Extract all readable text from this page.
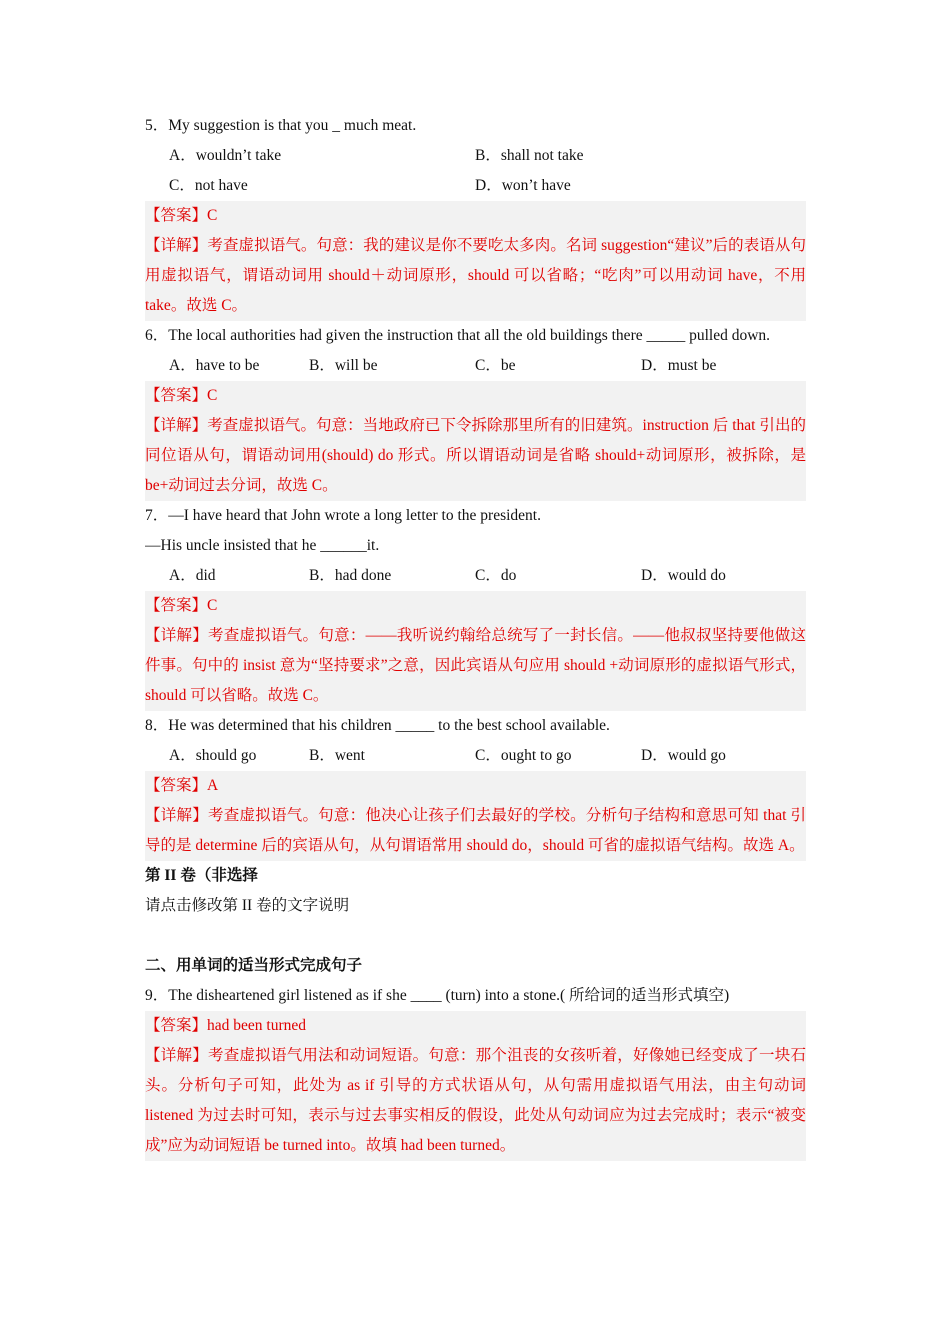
5．My suggestion is that you _ much meat.
A．wouldn’t take	B．shall not take
C．not have	D．won’t have
【答案】C
【详解】考查虚拟语气。句意：我的建议是你不要吃太多肉。名词 suggestion“建议”后的表语从句用虚拟语气，谓语动词用 should＋动词原形，should 可以省略；“吃肉”可以用动词 have，不用 take。故选 C。
6．The local authorities had given the instruction that all the old buildings there _____ pulled down.
A．have to be	B．will be	C．be	D．must be
【答案】C
【详解】考查虚拟语气。句意：当地政府已下令拆除那里所有的旧建筑。instruction 后 that 引出的同位语从句，谓语动词用(should) do 形式。所以谓语动词是省略 should+动词原形，被拆除，是 be+动词过去分词，故选 C。
7．—I have heard that John wrote a long letter to the president.
—His uncle insisted that he ______it.
A．did	B．had done	C．do	D．would do
【答案】C
【详解】考查虚拟语气。句意：——我听说约翰给总统写了一封长信。——他叔叔坚持要他做这件事。句中的 insist 意为“坚持要求”之意，因此宾语从句应用 should +动词原形的虚拟语气形式，should 可以省略。故选 C。
8．He was determined that his children _____ to the best school available.
A．should go	B．went	C．ought to go	D．would go
【答案】A
【详解】考查虚拟语气。句意：他决心让孩子们去最好的学校。分析句子结构和意思可知 that 引导的是 determine 后的宾语从句，从句谓语常用 should do，should 可省的虚拟语气结构。故选 A。
第 II 卷（非选择
请点击修改第 II 卷的文字说明
二、用单词的适当形式完成句子
9．The disheartened girl listened as if she ____ (turn) into a stone.( 所给词的适当形式填空)
【答案】had been turned
【详解】考查虚拟语气用法和动词短语。句意：那个沮丧的女孩听着，好像她已经变成了一块石头。分析句子可知，此处为 as if 引导的方式状语从句，从句需用虚拟语气用法，由主句动词 listened 为过去时可知，表示与过去事实相反的假设，此处从句动词应为过去完成时；表示“被变成”应为动词短语 be turned into。故填 had been turned。
